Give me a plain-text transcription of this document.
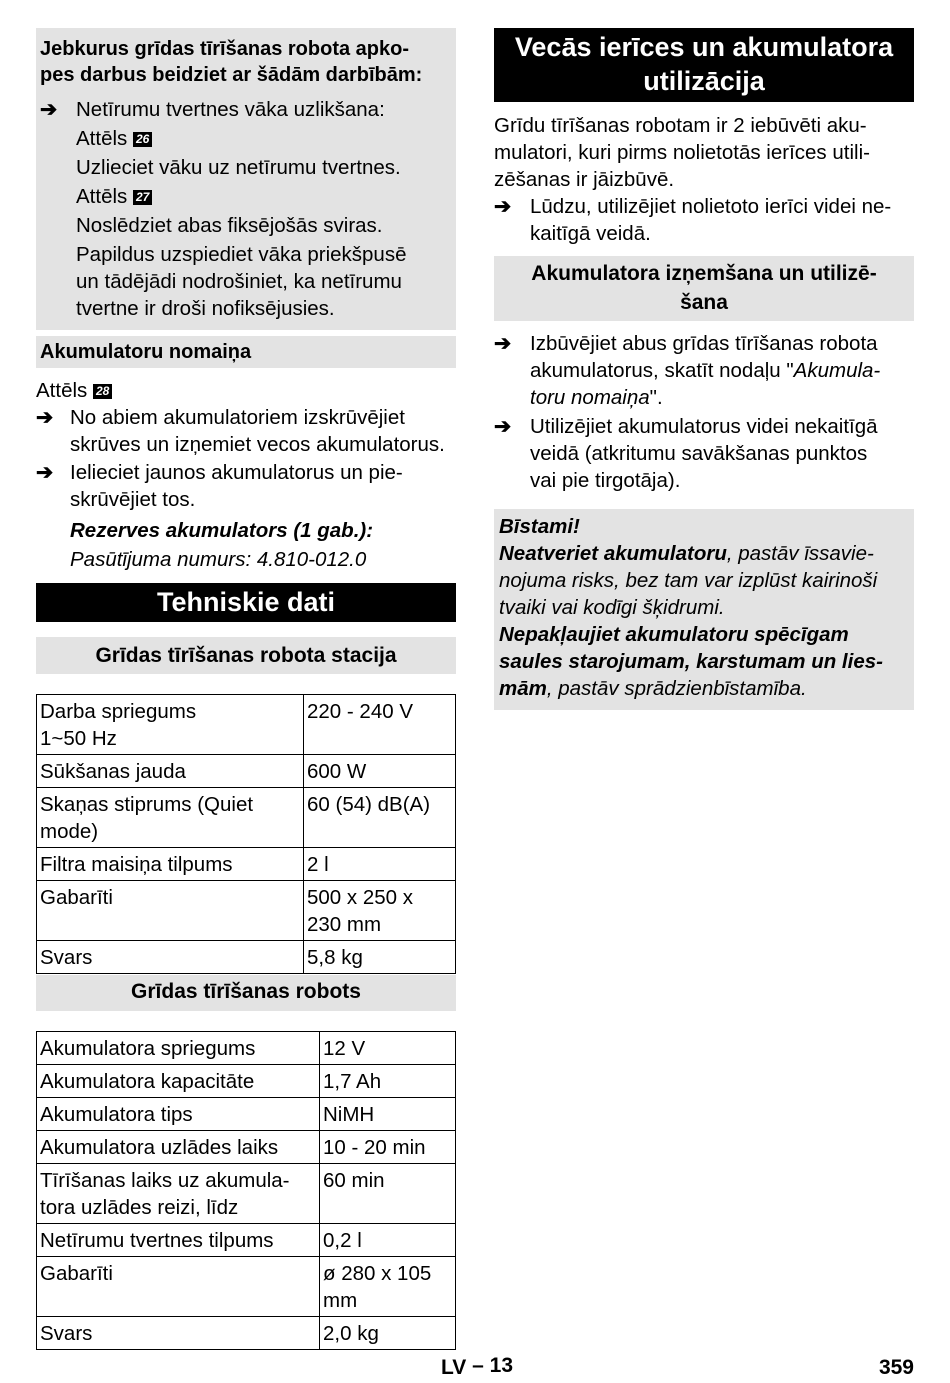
Jebkurus grīdas tīrīšanas robota apko-
pes darbus beidziet ar šādām darbībām:
➔ Netīrumu tvertnes vāka uzlikšana:
Attēls 26
Uzlieciet vāku uz netīrumu tvertnes.
Attēls 27
Noslēdziet abas fiksējošās sviras.
Papildus uzspiediet vāka priekšpusē
un tādējādi nodrošiniet, ka netīrumu
tvertne ir droši nofiksējusies.
Akumulatoru nomaiņa
Attēls 28
➔ No abiem akumulatoriem izskrūvējiet
skrūves un izņemiet vecos akumulatorus.
➔ Ielieciet jaunos akumulatorus un pie-
skrūvējiet tos.
Rezerves akumulators (1 gab.):
Pasūtījuma numurs: 4.810-012.0
Tehniskie dati
Grīdas tīrīšanas robota stacija
Darba spriegums
1~50 Hz	220 - 240 V

Sūkšanas jauda	600 W

Skaņas stiprums (Quiet
mode)	60 (54) dB(A)

Filtra maisiņa tilpums	2 l

Gabarīti	500 x 250 x
230 mm

Svars	5,8 kg
Grīdas tīrīšanas robots
Akumulatora spriegums	12 V

Akumulatora kapacitāte	1,7 Ah

Akumulatora tips	NiMH

Akumulatora uzlādes laiks	10 - 20 min

Tīrīšanas laiks uz akumula-
tora uzlādes reizi, līdz	60 min

Netīrumu tvertnes tilpums	0,2 l

Gabarīti	ø 280 x 105
mm

Svars	2,0 kg
Vecās ierīces un akumulatora
utilizācija
Grīdu tīrīšanas robotam ir 2 iebūvēti aku-
mulatori, kuri pirms nolietotās ierīces utili-
zēšanas ir jāizbūvē.
➔ Lūdzu, utilizējiet nolietoto ierīci videi ne-
kaitīgā veidā.
Akumulatora izņemšana un utilizē-
šana
➔ Izbūvējiet abus grīdas tīrīšanas robota
akumulatorus, skatīt nodaļu "Akumula-
toru nomaiņa".
➔ Utilizējiet akumulatorus videi nekaitīgā
veidā (atkritumu savākšanas punktos
vai pie tirgotāja).
Bīstami!
Neatveriet akumulatoru, pastāv īssavie-
nojuma risks, bez tam var izplūst kairinoši
tvaiki vai kodīgi šķidrumi.
Nepakļaujiet akumulatoru spēcīgam
saules starojumam, karstumam un lies-
mām, pastāv sprādzienbīstamība.
LV – 13	359
